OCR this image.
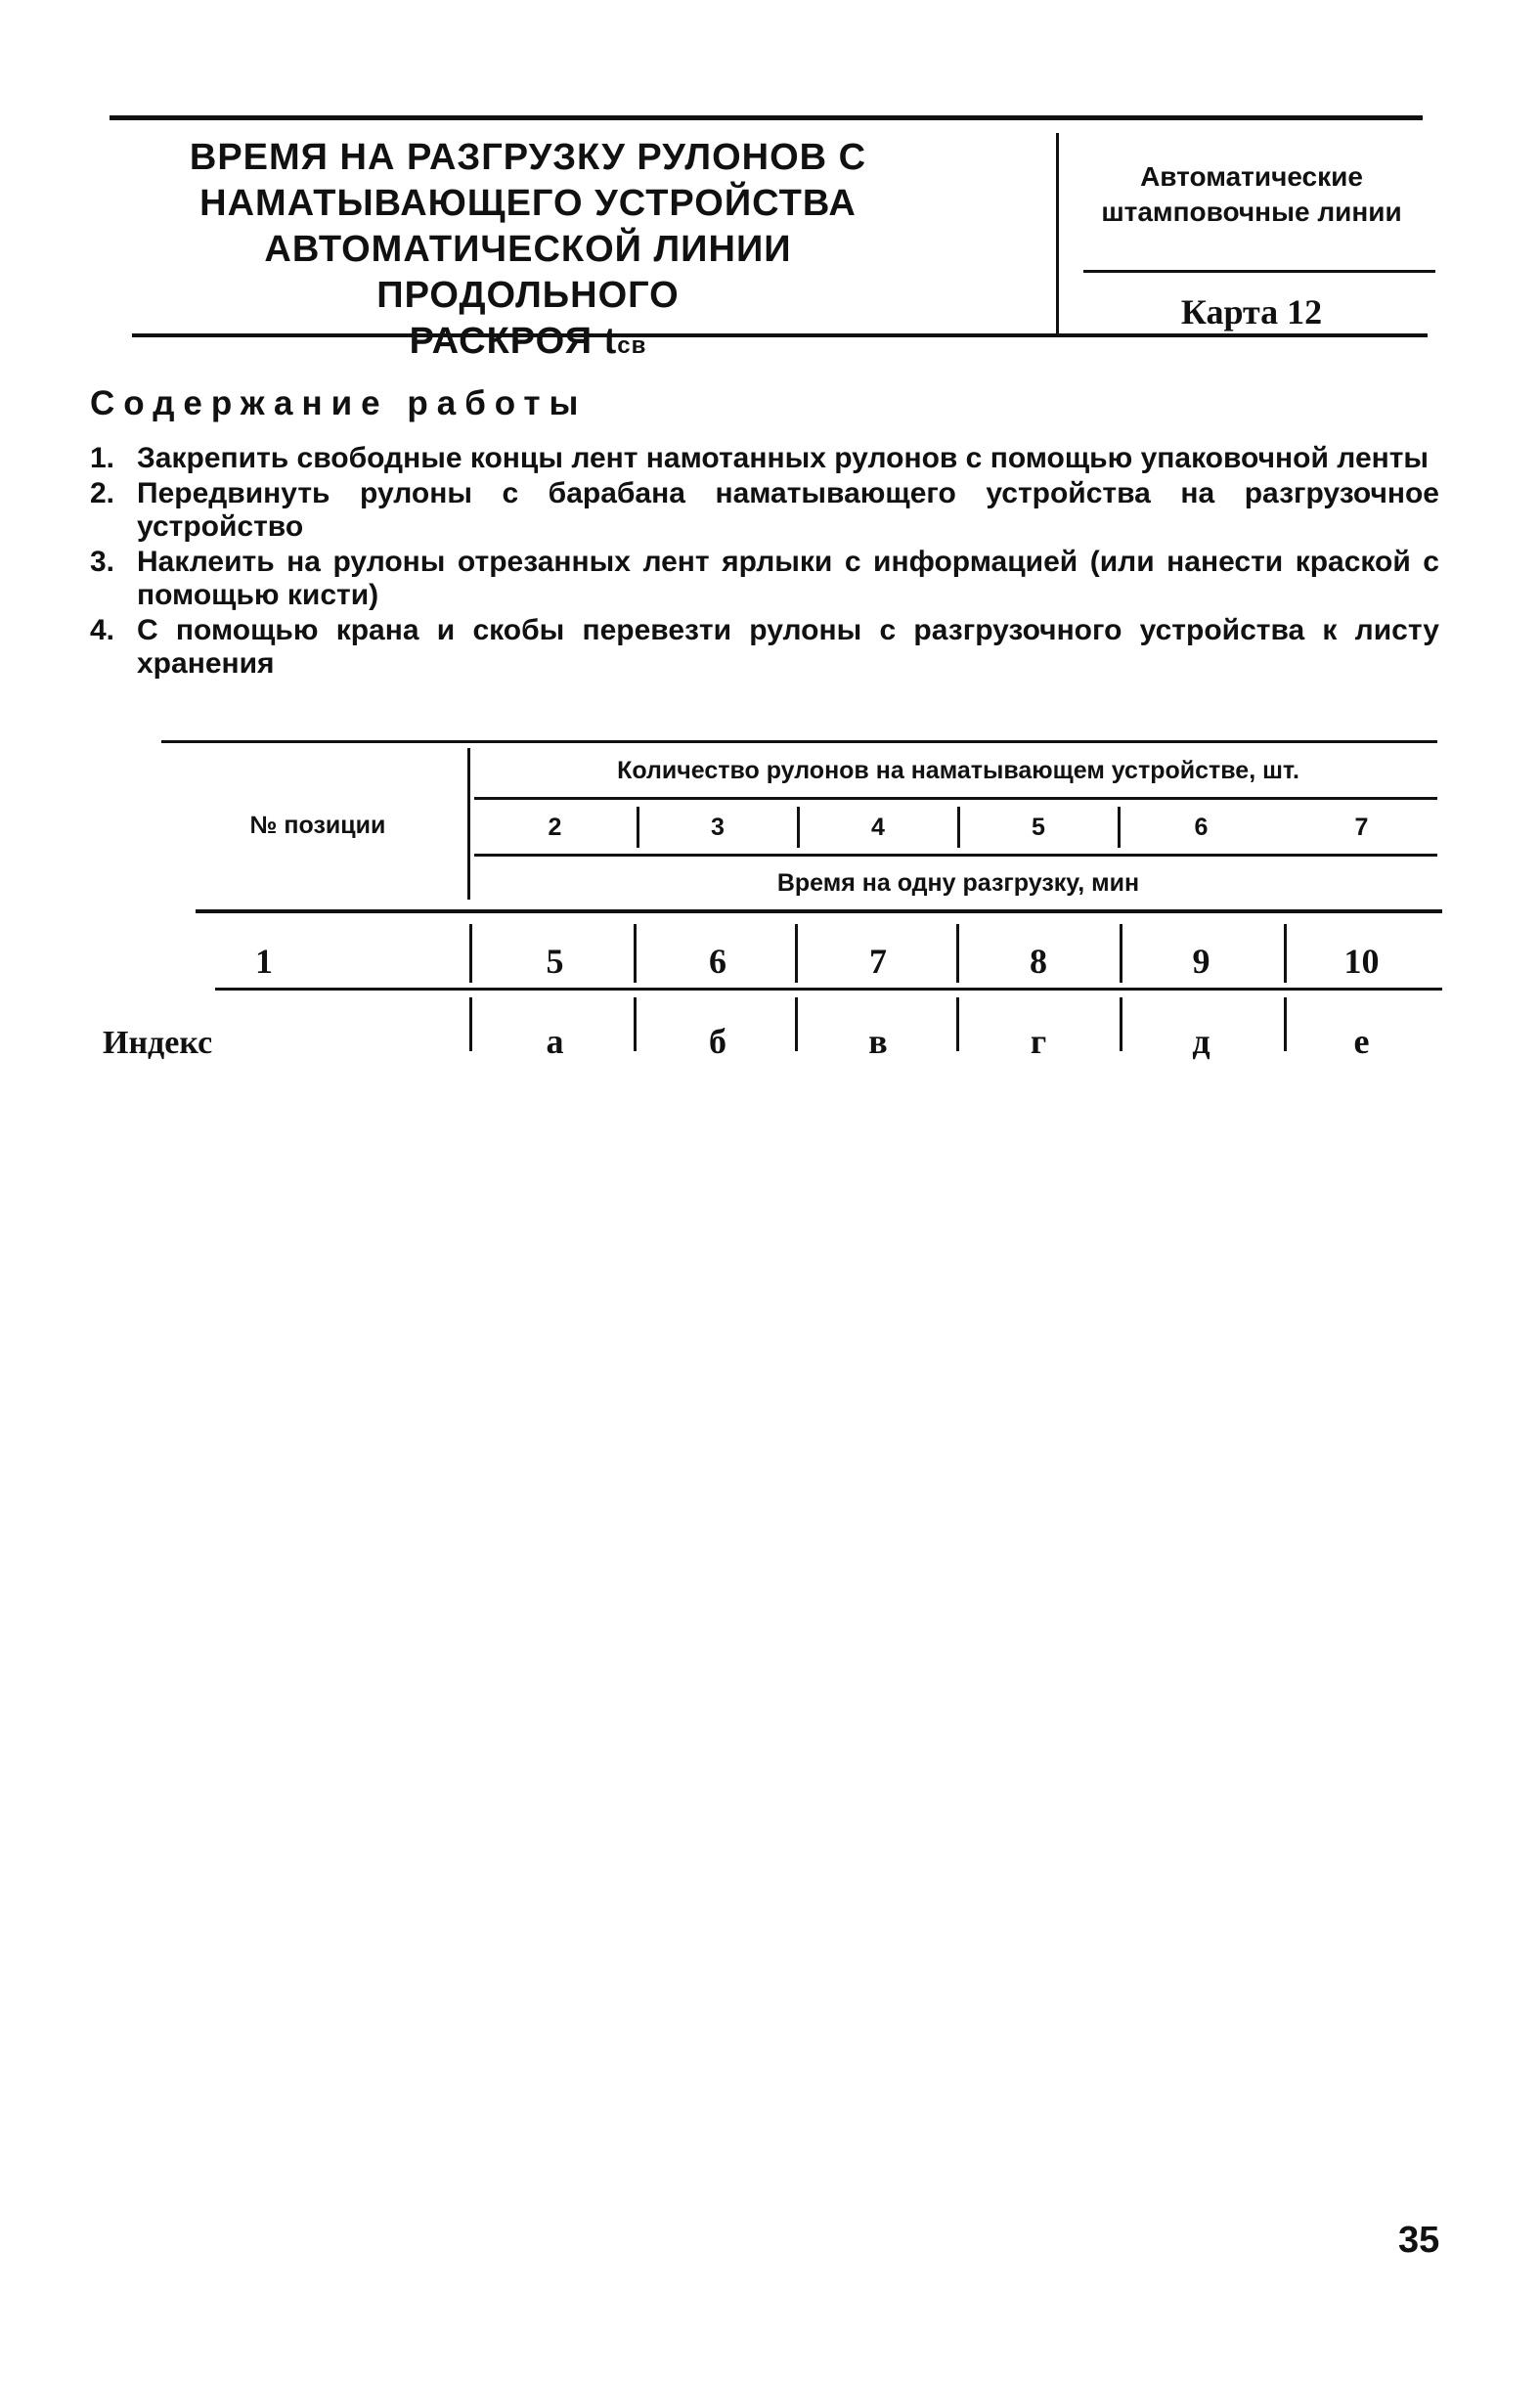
ВРЕМЯ НА РАЗГРУЗКУ РУЛОНОВ С
НАМАТЫВАЮЩЕГО УСТРОЙСТВА
АВТОМАТИЧЕСКОЙ ЛИНИИ ПРОДОЛЬНОГО
РАСКРОЯ tсв
Автоматические
штамповочные линии
Карта 12
Содержание работы
1. Закрепить свободные концы лент намотанных рулонов с помощью упаковочной ленты
2. Передвинуть рулоны с барабана наматывающего устройства на разгрузочное устройство
3. Наклеить на рулоны отрезанных лент ярлыки с информацией (или нанести краской с помощью кисти)
4. С помощью крана и скобы перевезти рулоны с разгрузочного устройства к листу хранения
№ позиции
Количество рулонов на наматывающем устройстве, шт.
2	3	4	5	6	7
Время на одну разгрузку, мин
1	5	6	7	8	9	10
Индекс	а	б	в	г	д	е
35
